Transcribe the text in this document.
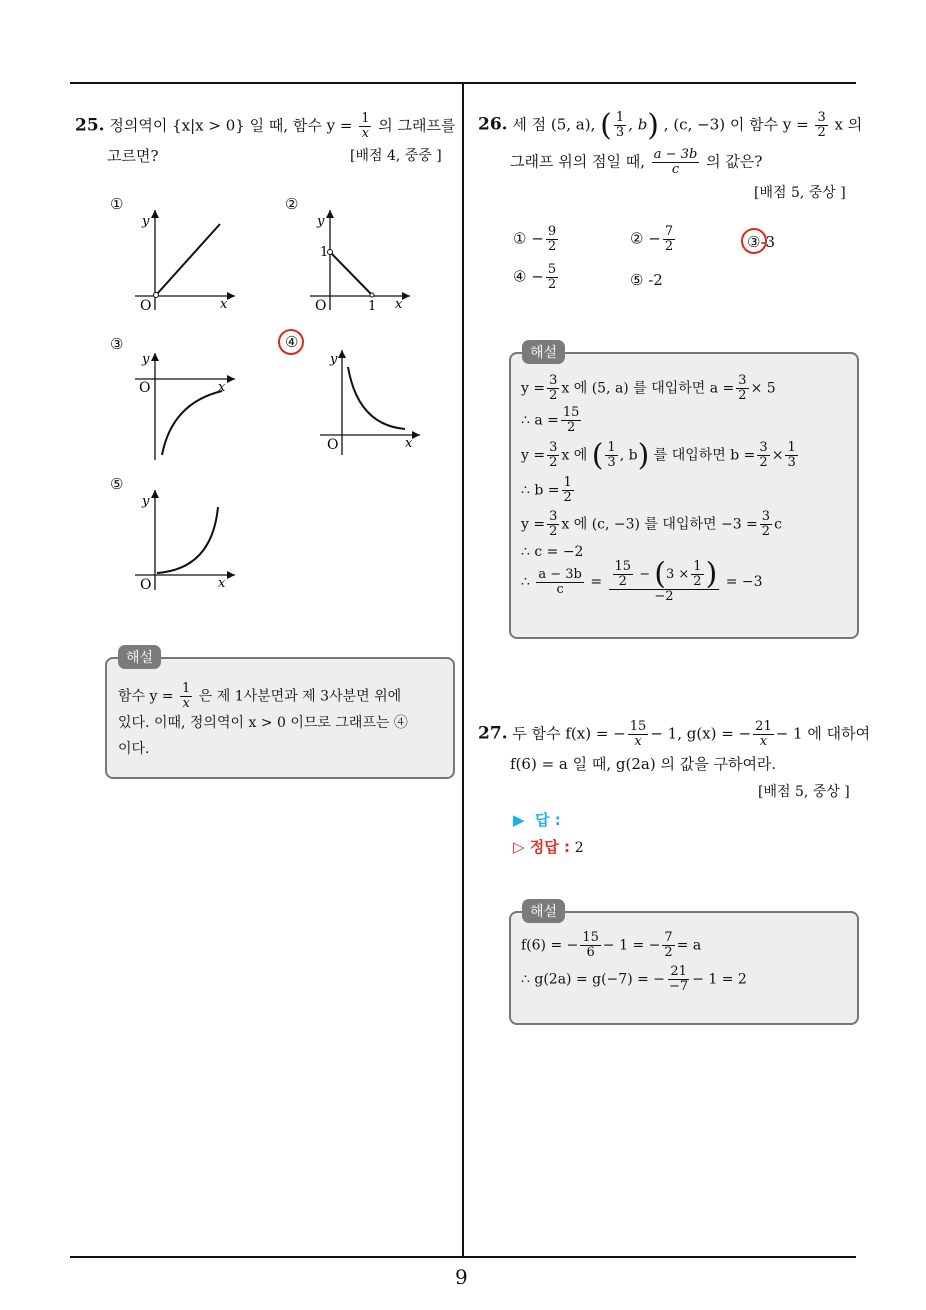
9
25. 정의역이 {x|x > 0} 일 때, 함수 $y = \frac{1}{x}$ 의 그래프를
고르면?	[배점 4, 중중 ]
①
y
x
O
②
y
1
x
O	1
③
y
x
O
④
y
x
O
⑤
y
x
O
해설
함수 $y = \frac{1}{x}$ 은 제 1사분면과 제 3사분면 위에
있다. 이때, 정의역이 x > 0 이므로 그래프는 ④
이다.
26. 세 점 (5, a), ( $\frac{1}{3}$ , b) , (c, −3) 이 함수 $y = \frac{3}{2}$ x 의
그래프 위의 점일 때, $\frac{a - 3b}{c}$ 의 값은?
[배점 5, 중상 ]
① − $\frac{9}{2}$	② − $\frac{7}{2}$	③-3
④ − $\frac{5}{2}$	⑤ -2
해설
$y = \frac{3}{2}$ x 에 (5, a) 를 대입하면 $a = \frac{3}{2} \times 5$
∴ $a = \frac{15}{2}$
$y = \frac{3}{2}$ x 에 ( $\frac{1}{3}$ , b) 를 대입하면 $b = \frac{3}{2} \times \frac{1}{3}$
∴ $b = \frac{1}{2}$
$y = \frac{3}{2}$ x 에 (c, −3) 를 대입하면 $-3 = \frac{3}{2}$ c
∴ c = −2
∴ $\frac{a - 3b}{c} = \frac{\frac{15}{2} - (3 \times \frac{1}{2} )}{-2} = -3$
27. 두 함수 f(x) = − $\frac{15}{x} - 1$, g(x) = − $\frac{21}{x} - 1$ 에 대하여
f(6) = a 일 때, g(2a) 의 값을 구하여라.
[배점 5, 중상 ]
▶  답 :
▷ 정답 : 2
해설
f(6) = − $\frac{15}{6} - 1$ = − $\frac{7}{2} = a$
∴ g(2a) = g(−7) = − $\frac{21}{-7} - 1 = 2$
